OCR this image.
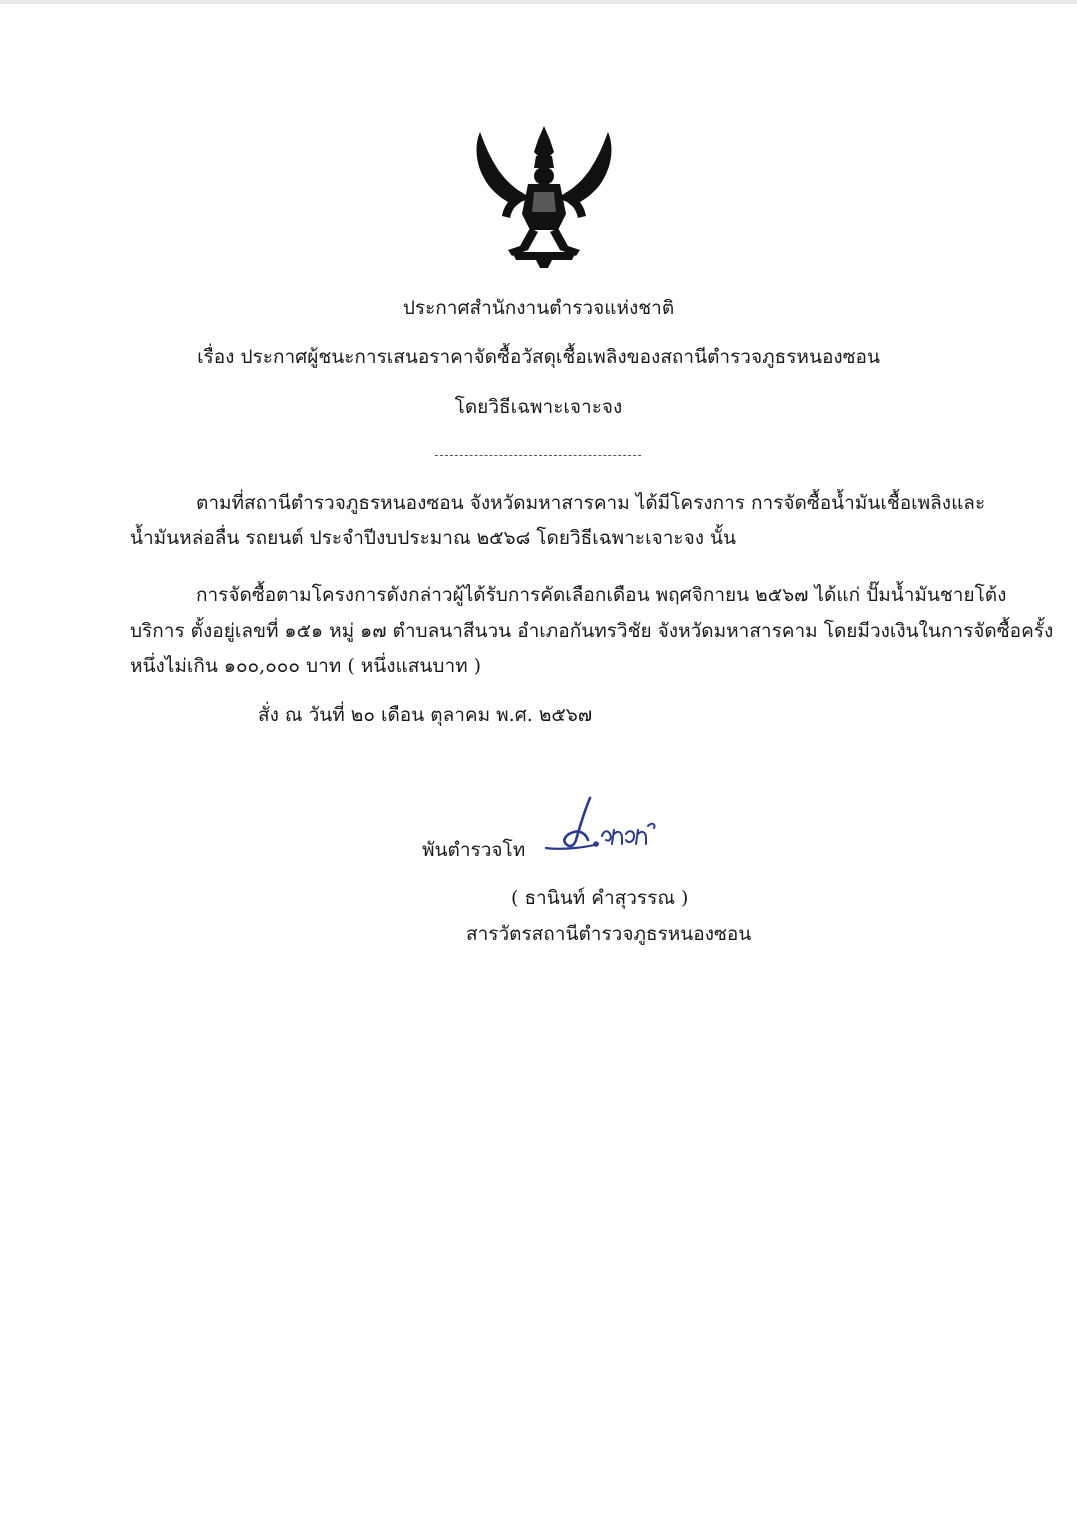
ประกาศสำนักงานตำรวจแห่งชาติ
เรื่อง ประกาศผู้ชนะการเสนอราคาจัดซื้อวัสดุเชื้อเพลิงของสถานีตำรวจภูธรหนองซอน
โดยวิธีเฉพาะเจาะจง
ตามที่สถานีตำรวจภูธรหนองซอน จังหวัดมหาสารคาม ได้มีโครงการ การจัดซื้อน้ำมันเชื้อเพลิงและ
น้ำมันหล่อลื่น รถยนต์ ประจำปีงบประมาณ ๒๕๖๘ โดยวิธีเฉพาะเจาะจง นั้น
การจัดซื้อตามโครงการดังกล่าวผู้ได้รับการคัดเลือกเดือน พฤศจิกายน ๒๕๖๗ ได้แก่ ปั๊มน้ำมันชายโต้ง
บริการ ตั้งอยู่เลขที่ ๑๕๑ หมู่ ๑๗ ตำบลนาสีนวน อำเภอกันทรวิชัย จังหวัดมหาสารคาม โดยมีวงเงินในการจัดซื้อครั้ง
หนึ่งไม่เกิน ๑๐๐,๐๐๐ บาท ( หนึ่งแสนบาท )
สั่ง ณ วันที่ ๒๐ เดือน ตุลาคม พ.ศ. ๒๕๖๗
พันตำรวจโท
( ธานินท์ คำสุวรรณ )
สารวัตรสถานีตำรวจภูธรหนองซอน
